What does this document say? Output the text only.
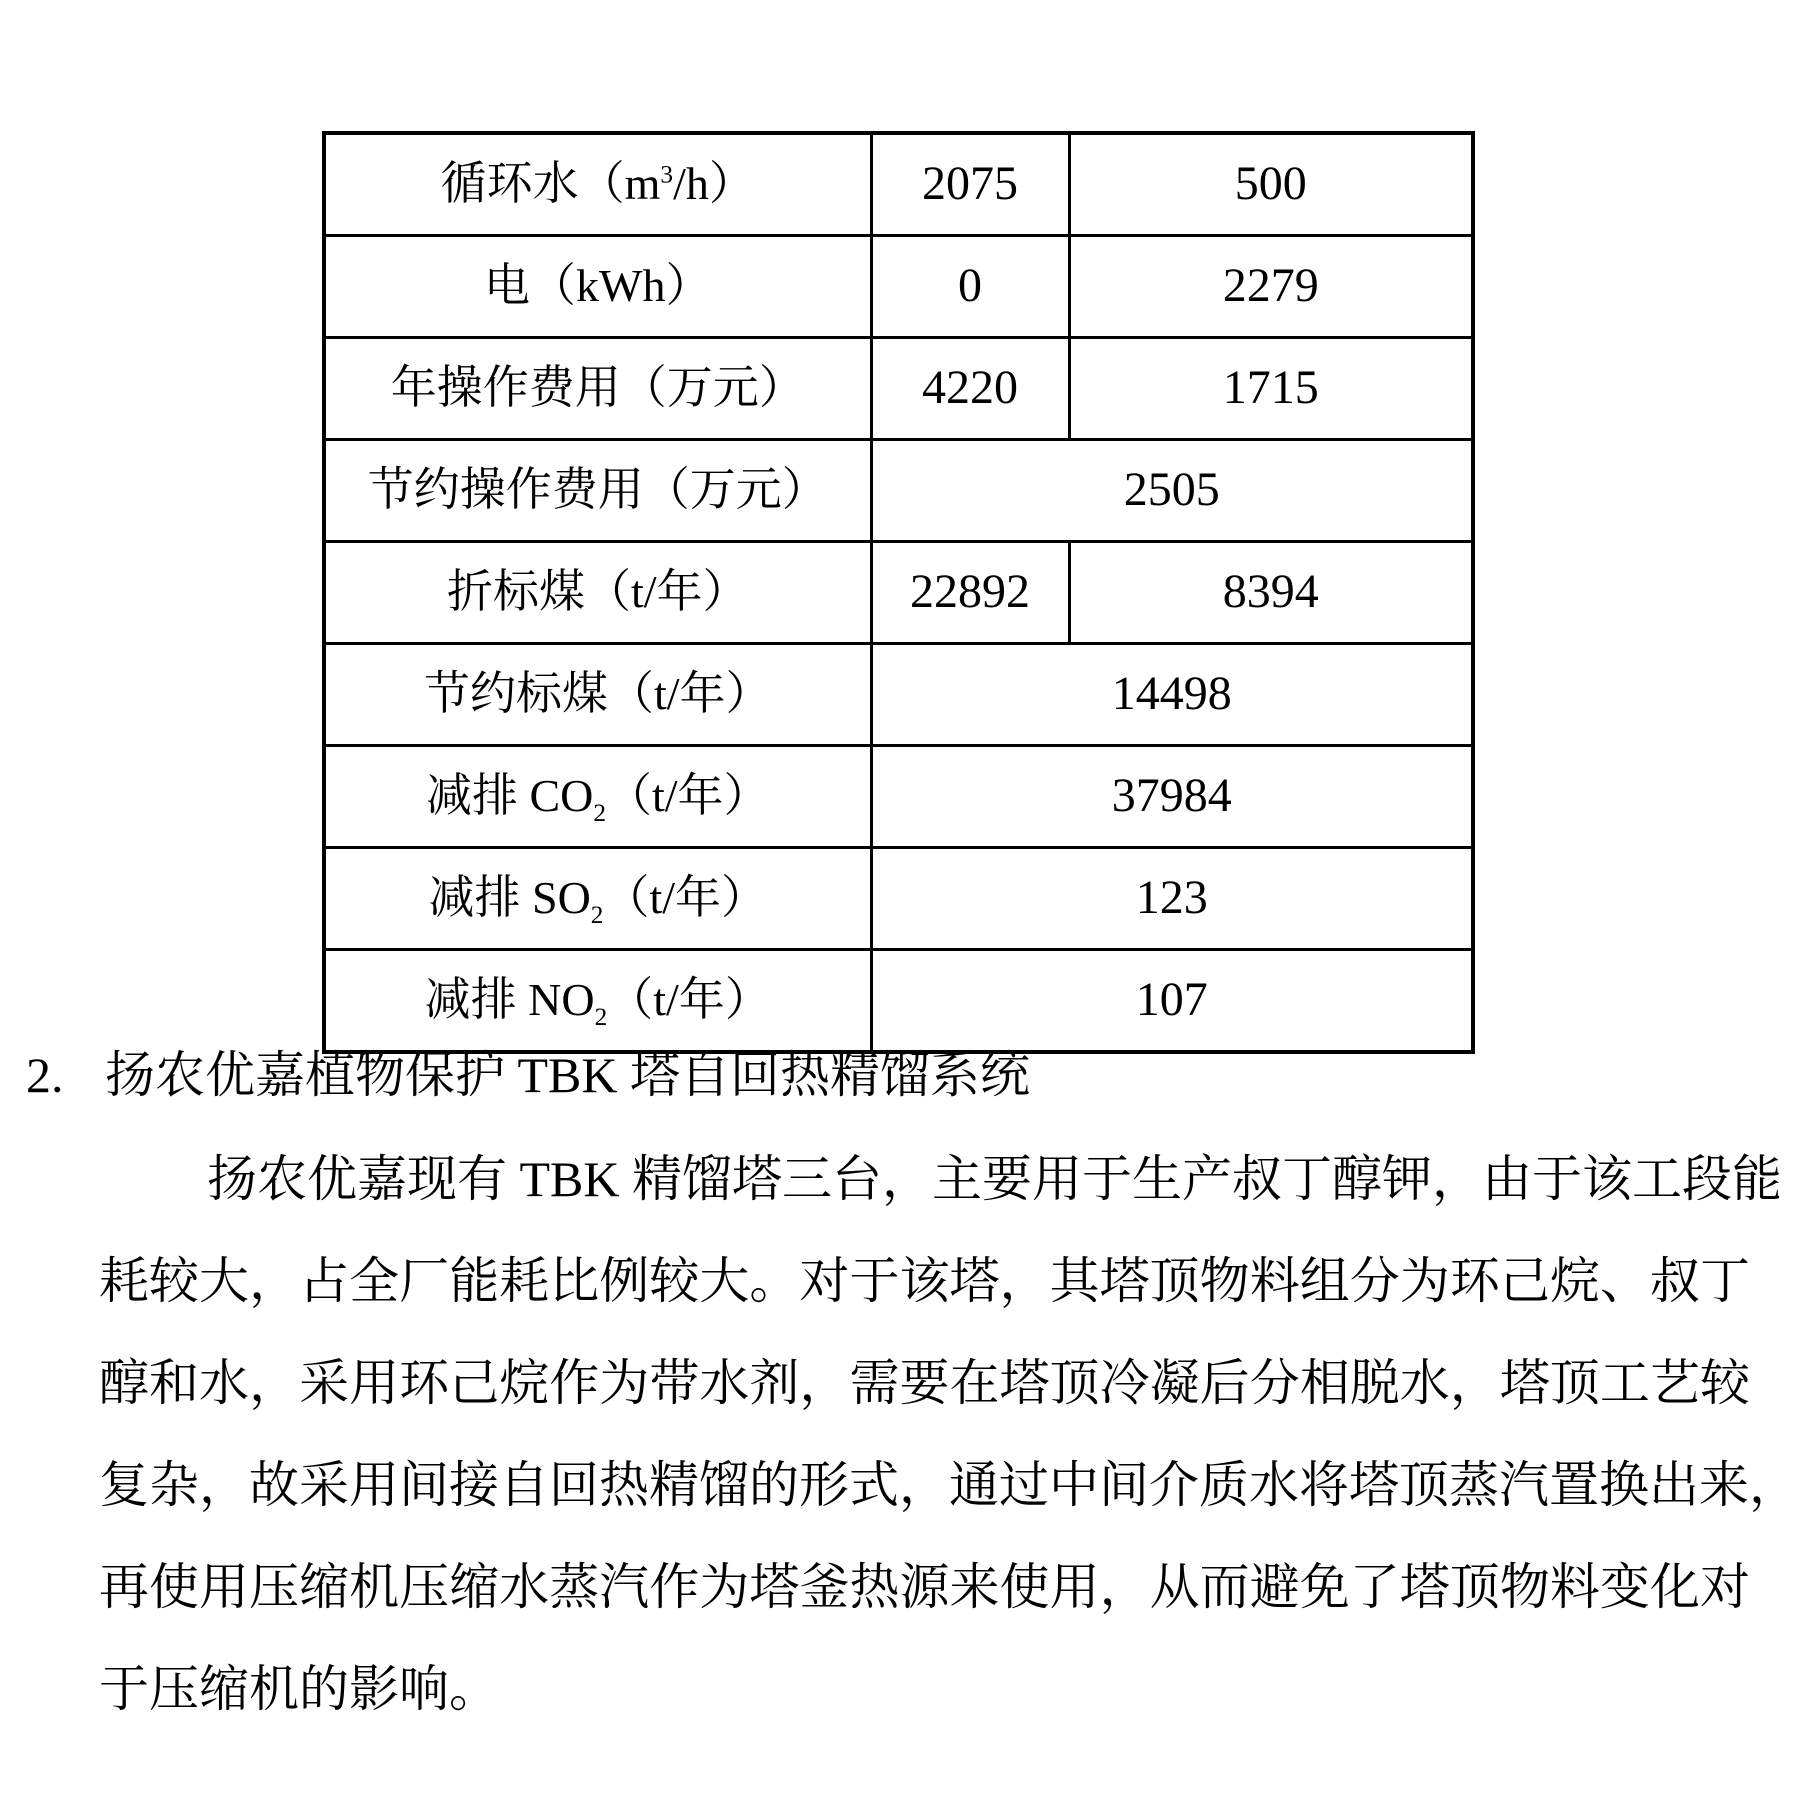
循环水$(m^3/h)$	2075	500
电（kWh）	0	2279
年操作费用（万元）	4220	1715
节约操作费用（万元）	2505	
折标煤（t/年）	22892	8394
节约标煤（t/年）	14498	
减排 $CO_2(t/$年）	37984	
减排 $SO_2(t/$年）	123	
减排 $NO_2(t/$年）	107	
2. 扬农优嘉植物保护 TBK 塔自回热精馏系统
扬农优嘉现有 TBK 精馏塔三台，主要用于生产叔丁醇钾，由于该工段能
耗较大，占全厂能耗比例较大。对于该塔，其塔顶物料组分为环己烷、叔丁
醇和水，采用环己烷作为带水剂，需要在塔顶冷凝后分相脱水，塔顶工艺较
复杂，故采用间接自回热精馏的形式，通过中间介质水将塔顶蒸汽置换出来，
再使用压缩机压缩水蒸汽作为塔釜热源来使用，从而避免了塔顶物料变化对
于压缩机的影响。
